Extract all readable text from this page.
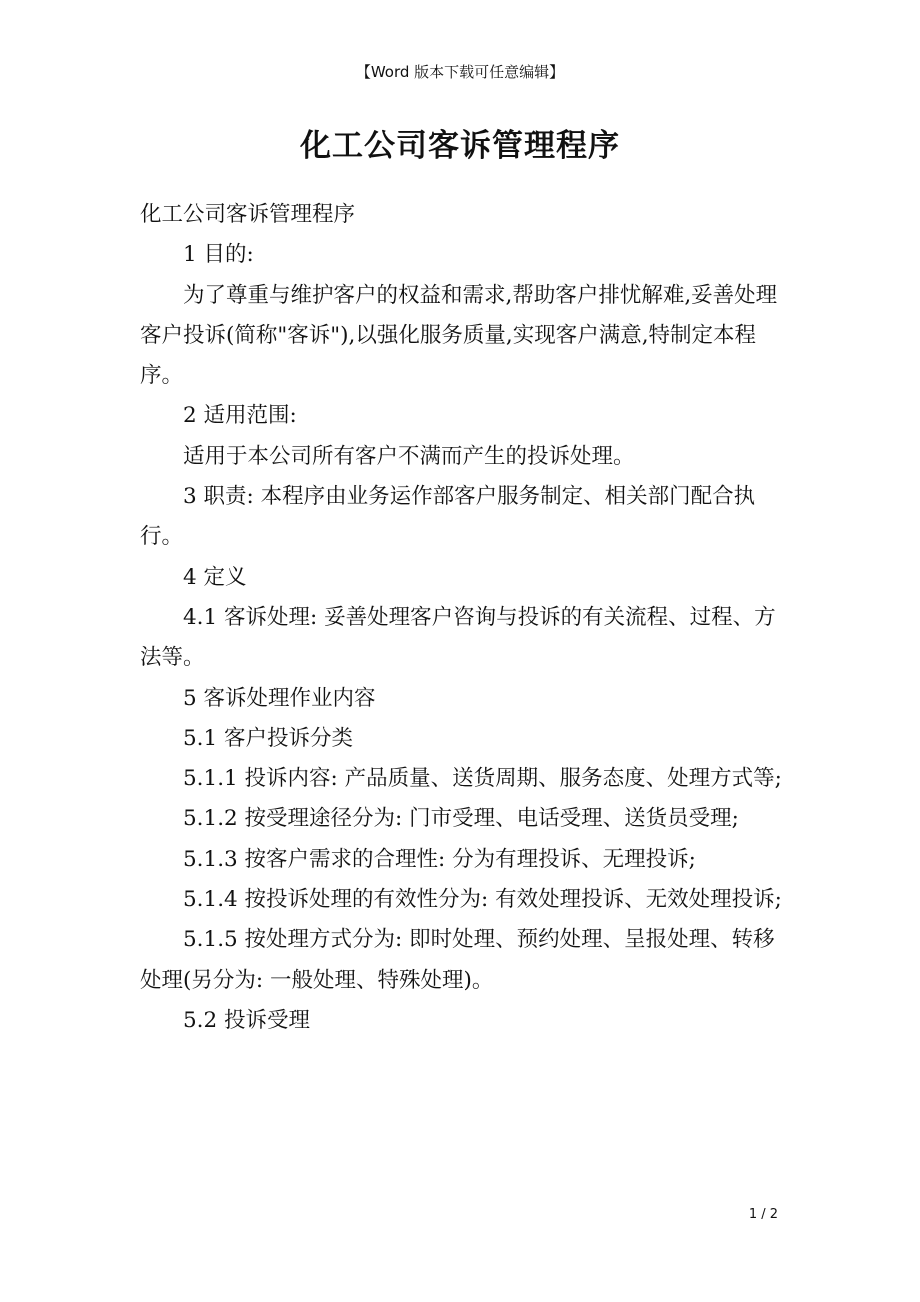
【Word 版本下载可任意编辑】
化工公司客诉管理程序

化工公司客诉管理程序

1 目的:

为了尊重与维护客户的权益和需求,帮助客户排忧解难,妥善处理客户投诉(简称"客诉"),以强化服务质量,实现客户满意,特制定本程序。

2 适用范围:

适用于本公司所有客户不满而产生的投诉处理。

3 职责: 本程序由业务运作部客户服务制定、相关部门配合执行。

4 定义

4.1 客诉处理: 妥善处理客户咨询与投诉的有关流程、过程、方法等。

5 客诉处理作业内容

5.1 客户投诉分类

5.1.1 投诉内容: 产品质量、送货周期、服务态度、处理方式等;

5.1.2 按受理途径分为: 门市受理、电话受理、送货员受理;

5.1.3 按客户需求的合理性: 分为有理投诉、无理投诉;

5.1.4 按投诉处理的有效性分为: 有效处理投诉、无效处理投诉;

5.1.5 按处理方式分为: 即时处理、预约处理、呈报处理、转移处理(另分为: 一般处理、特殊处理)。

5.2 投诉受理

1 / 2
